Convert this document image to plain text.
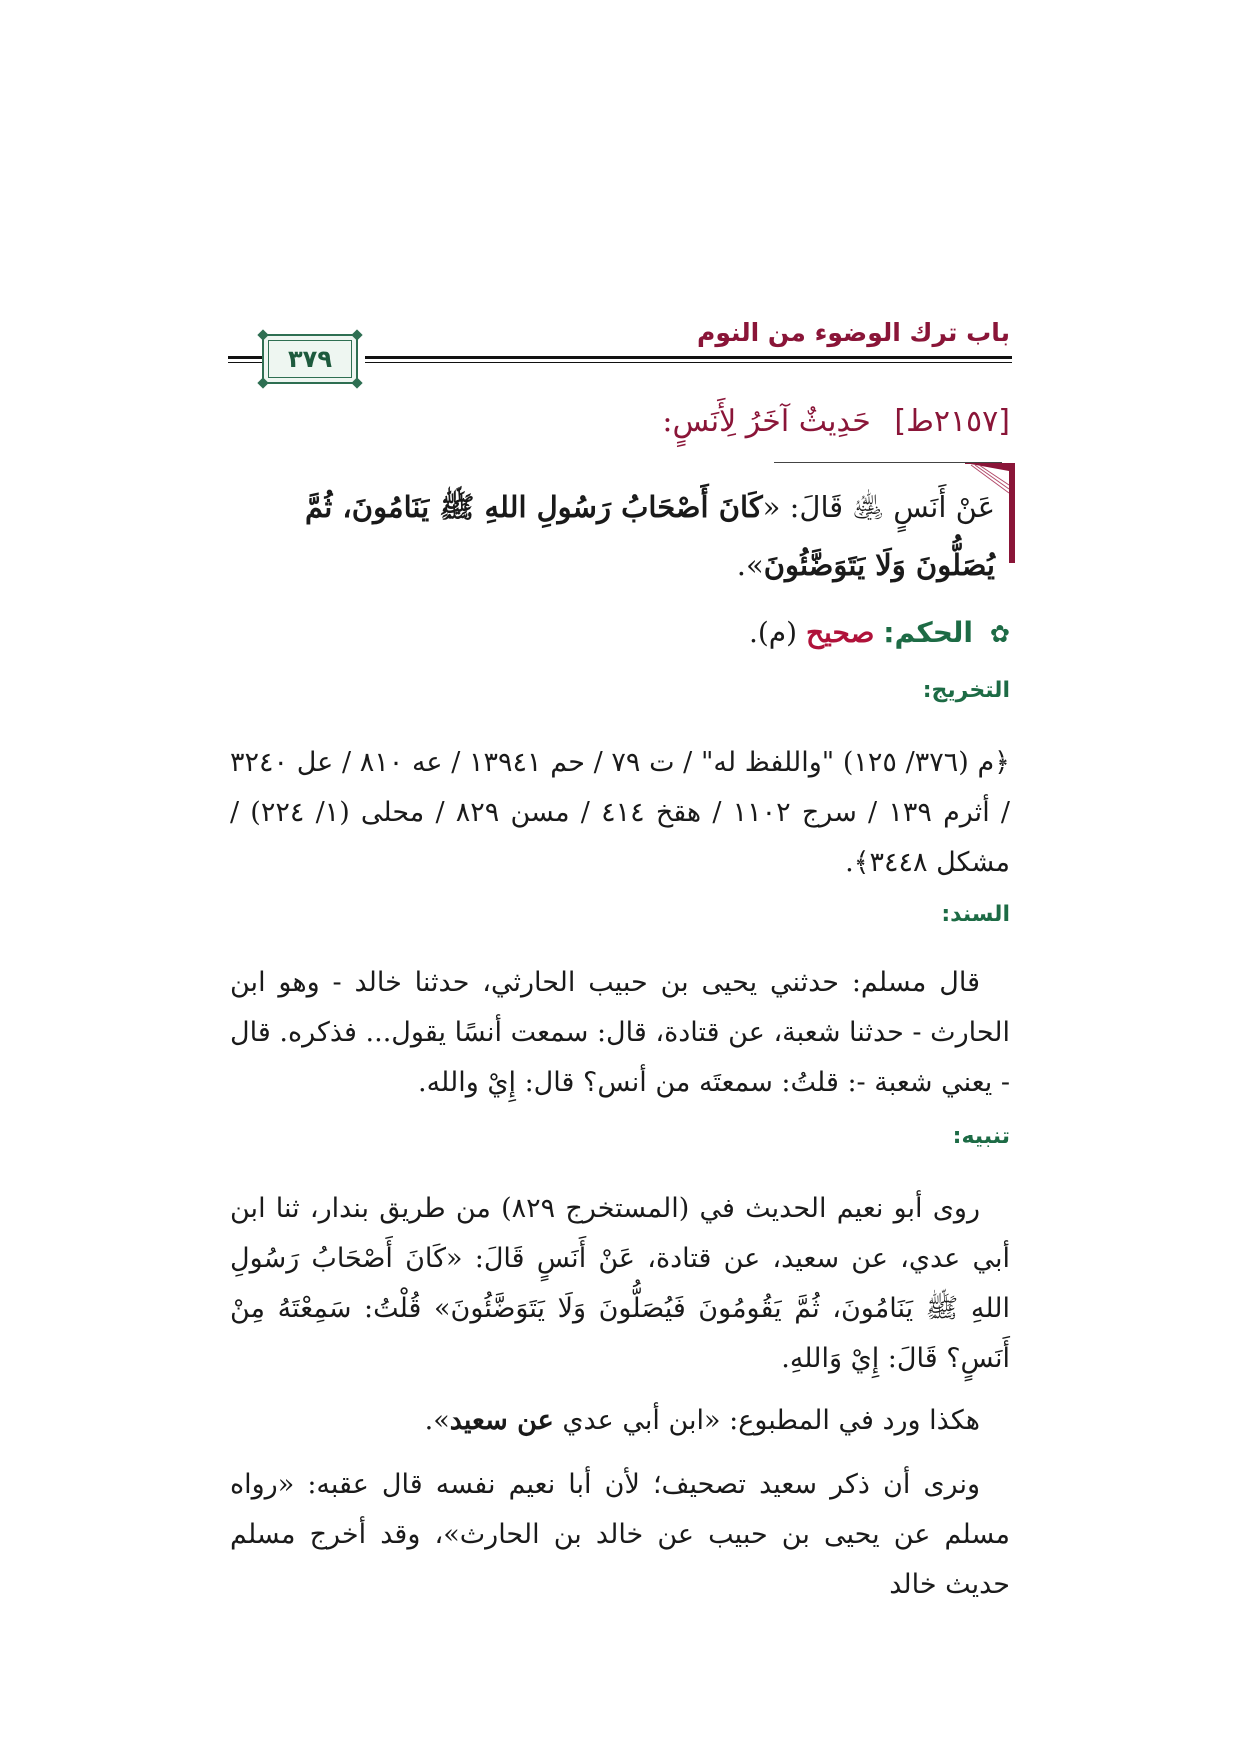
باب ترك الوضوء من النوم
٣٧٩
[٢١٥٧ط] حَدِيثٌ آخَرُ لِأَنَسٍ:
عَنْ أَنَسٍ ﵁ قَالَ: «كَانَ أَصْحَابُ رَسُولِ اللهِ ﷺ يَنَامُونَ، ثُمَّ يُصَلُّونَ وَلَا يَتَوَضَّئُونَ».
✿ الحكم: صحيح (م).
التخريج:
﴿م (٣٧٦/ ١٢٥) "واللفظ له" / ت ٧٩ / حم ١٣٩٤١ / عه ٨١٠ / عل ٣٢٤٠ / أثرم ١٣٩ / سرج ١١٠٢ / هقخ ٤١٤ / مسن ٨٢٩ / محلى (١/ ٢٢٤) / مشكل ٣٤٤٨﴾.
السند:
قال مسلم: حدثني يحيى بن حبيب الحارثي، حدثنا خالد - وهو ابن الحارث - حدثنا شعبة، عن قتادة، قال: سمعت أنسًا يقول... فذكره. قال - يعني شعبة -: قلتُ: سمعتَه من أنس؟ قال: إِيْ والله.
تنبيه:
روى أبو نعيم الحديث في (المستخرج ٨٢٩) من طريق بندار، ثنا ابن أبي عدي، عن سعيد، عن قتادة، عَنْ أَنَسٍ قَالَ: «كَانَ أَصْحَابُ رَسُولِ اللهِ ﷺ يَنَامُونَ، ثُمَّ يَقُومُونَ فَيُصَلُّونَ وَلَا يَتَوَضَّئُونَ» قُلْتُ: سَمِعْتَهُ مِنْ أَنَسٍ؟ قَالَ: إِيْ وَاللهِ.
هكذا ورد في المطبوع: «ابن أبي عدي عن سعيد».
ونرى أن ذكر سعيد تصحيف؛ لأن أبا نعيم نفسه قال عقبه: «رواه مسلم عن يحيى بن حبيب عن خالد بن الحارث»، وقد أخرج مسلم حديث خالد
